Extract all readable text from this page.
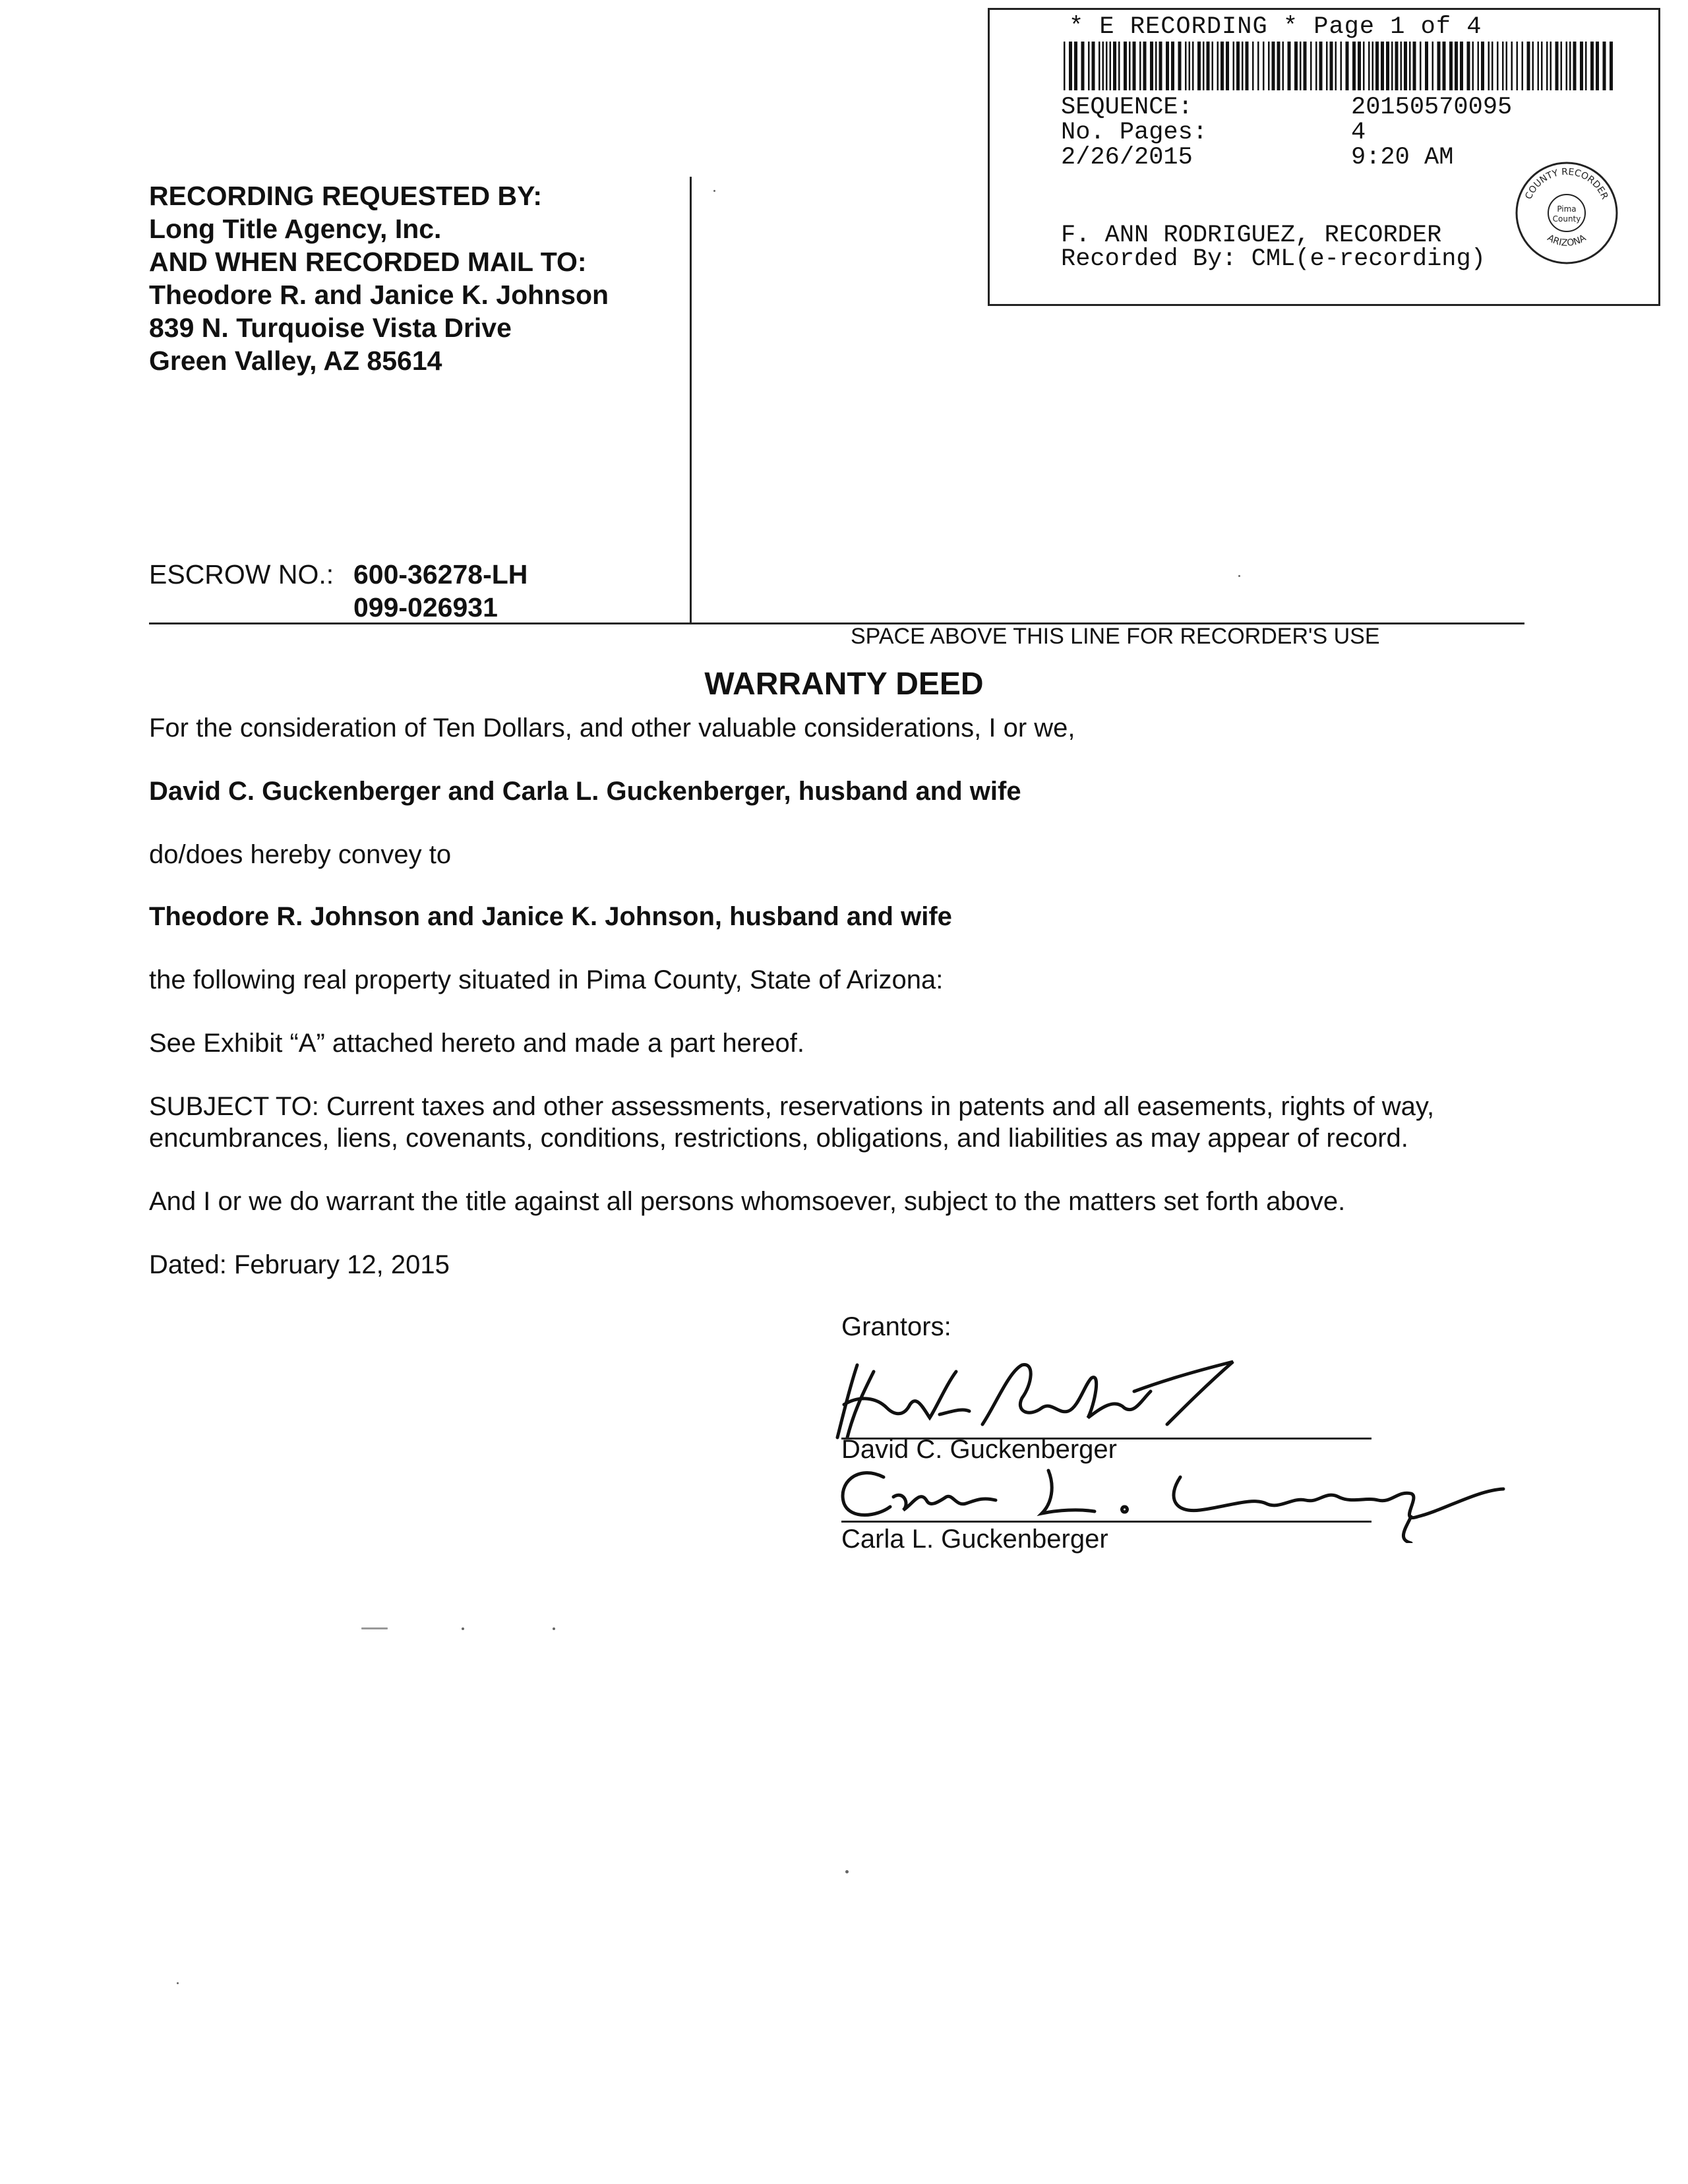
* E RECORDING * Page 1 of 4
SEQUENCE:	20150570095
No. Pages:	4
2/26/2015	9:20 AM
F. ANN RODRIGUEZ, RECORDER
Recorded By: CML(e-recording)
COUNTY RECORDER
ARIZONA
Pima
County
RECORDING REQUESTED BY:
Long Title Agency, Inc.
AND WHEN RECORDED MAIL TO:
Theodore R. and Janice K. Johnson
839 N. Turquoise Vista Drive
Green Valley, AZ 85614
ESCROW NO.: 600-36278-LH
099-026931
SPACE ABOVE THIS LINE FOR RECORDER'S USE
WARRANTY DEED
For the consideration of Ten Dollars, and other valuable considerations, I or we,
David C. Guckenberger and Carla L. Guckenberger, husband and wife
do/does hereby convey to
Theodore R. Johnson and Janice K. Johnson, husband and wife
the following real property situated in Pima County, State of Arizona:
See Exhibit “A” attached hereto and made a part hereof.
SUBJECT TO: Current taxes and other assessments, reservations in patents and all easements, rights of way,
encumbrances, liens, covenants, conditions, restrictions, obligations, and liabilities as may appear of record.
And I or we do warrant the title against all persons whomsoever, subject to the matters set forth above.
Dated: February 12, 2015
Grantors:
David C. Guckenberger
Carla L. Guckenberger
